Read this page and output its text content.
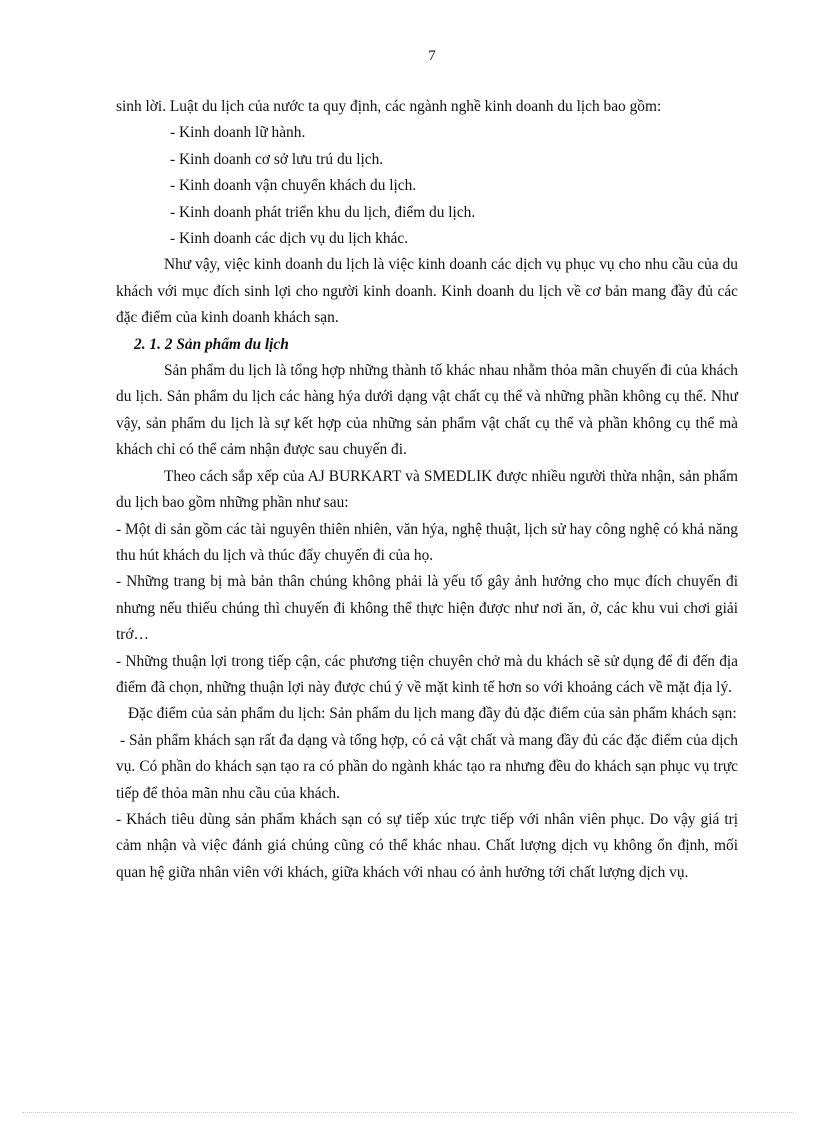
7

sinh lời. Luật du lịch của nước ta quy định, các ngành nghề kinh doanh du lịch bao gồm:

- Kinh doanh lữ hành.

- Kinh doanh cơ sở lưu trú du lịch.

- Kinh doanh vận chuyển khách du lịch.

- Kinh doanh phát triển khu du lịch, điểm du lịch.

- Kinh doanh các dịch vụ du lịch khác.

Như vậy, việc kinh doanh du lịch là việc kinh doanh các dịch vụ phục vụ cho nhu cầu của du khách với mục đích sinh lợi cho người kinh doanh. Kinh doanh du lịch về cơ bản mang đầy đủ các đặc điểm của kinh doanh khách sạn.

2. 1. 2 Sản phẩm du lịch

Sản phẩm du lịch là tổng hợp những thành tố khác nhau nhằm thỏa mãn chuyến đi của khách du lịch. Sản phẩm du lịch các hàng hýa dưới dạng vật chất cụ thể và những phần không cụ thể. Như vậy, sản phẩm du lịch là sự kết hợp của những sản phẩm vật chất cụ thể và phần không cụ thể mà khách chỉ có thể cảm nhận được sau chuyến đi.

Theo cách sắp xếp của AJ BURKART và SMEDLIK được nhiều người thừa nhận, sản phẩm du lịch bao gồm những phần như sau:

- Một di sản gồm các tài nguyên thiên nhiên, văn hýa, nghệ thuật, lịch sử hay công nghệ có khả năng thu hút khách du lịch và thúc đẩy chuyến đi của họ.

- Những trang bị mà bản thân chúng không phải là yếu tố gây ảnh hưởng cho mục đích chuyến đi nhưng nếu thiếu chúng thì chuyến đi không thể thực hiện được như nơi ăn, ở, các khu vui chơi giải trớ…

- Những thuận lợi trong tiếp cận, các phương tiện chuyên chở mà du khách sẽ sử dụng để đi đến địa điểm đã chọn, những thuận lợi này được chú ý về mặt kinh tế hơn so với khoảng cách về mặt địa lý.

Đặc điểm của sản phẩm du lịch: Sản phẩm du lịch mang đầy đủ đặc điểm của sản phẩm khách sạn:

- Sản phẩm khách sạn rất đa dạng và tổng hợp, có cả vật chất và mang đầy đủ các đặc điểm của dịch vụ. Có phần do khách sạn tạo ra có phần do ngành khác tạo ra nhưng đều do khách sạn phục vụ trực tiếp để thỏa mãn nhu cầu của khách.

- Khách tiêu dùng sản phẩm khách sạn có sự tiếp xúc trực tiếp với nhân viên phục. Do vậy giá trị cảm nhận và việc đánh giá chúng cũng có thể khác nhau. Chất lượng dịch vụ không ổn định, mối quan hệ giữa nhân viên với khách, giữa khách với nhau có ảnh hưởng tới chất lượng dịch vụ.
